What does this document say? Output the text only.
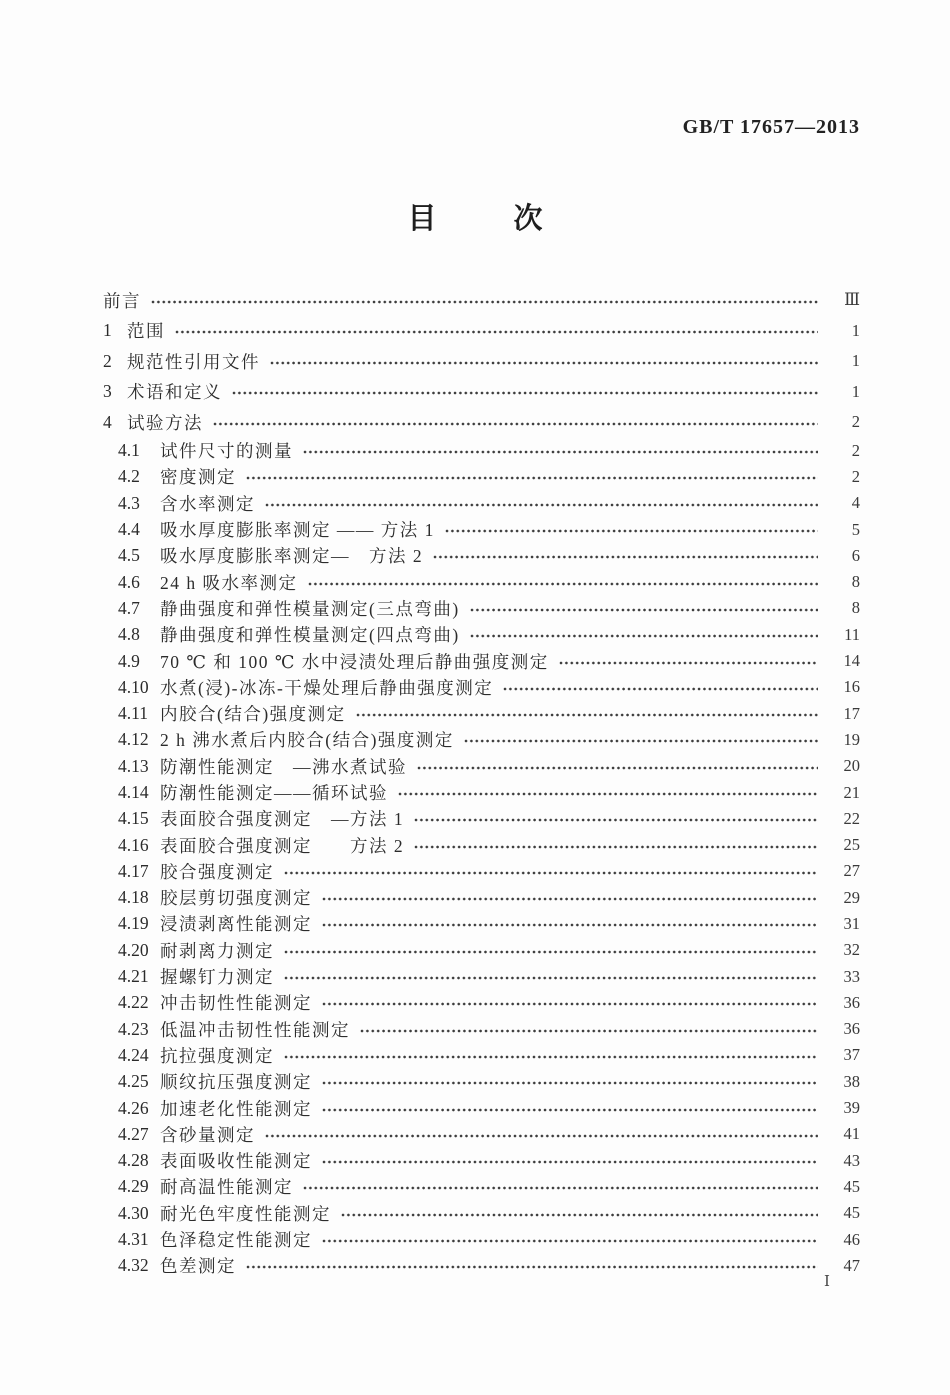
GB/T 17657—2013
目　次
前言	Ⅲ
1 范围	1
2 规范性引用文件	1
3 术语和定义	1
4 试验方法	2
4.1	试件尺寸的测量	2
4.2	密度测定	2
4.3	含水率测定	4
4.4	吸水厚度膨胀率测定 —— 方法 1	5
4.5	吸水厚度膨胀率测定—　方法 2	6
4.6	24 h 吸水率测定	8
4.7	静曲强度和弹性模量测定(三点弯曲)	8
4.8	静曲强度和弹性模量测定(四点弯曲)	11
4.9	70 ℃ 和 100 ℃ 水中浸渍处理后静曲强度测定	14
4.10 水煮(浸)-冰冻-干燥处理后静曲强度测定	16
4.11 内胶合(结合)强度测定	17
4.12 2 h 沸水煮后内胶合(结合)强度测定	19
4.13 防潮性能测定　—沸水煮试验	20
4.14 防潮性能测定——循环试验	21
4.15 表面胶合强度测定　—方法 1	22
4.16 表面胶合强度测定　　方法 2	25
4.17 胶合强度测定	27
4.18 胶层剪切强度测定	29
4.19 浸渍剥离性能测定	31
4.20 耐剥离力测定	32
4.21 握螺钉力测定	33
4.22 冲击韧性性能测定	36
4.23 低温冲击韧性性能测定	36
4.24 抗拉强度测定	37
4.25 顺纹抗压强度测定	38
4.26 加速老化性能测定	39
4.27 含砂量测定	41
4.28 表面吸收性能测定	43
4.29 耐高温性能测定	45
4.30 耐光色牢度性能测定	45
4.31 色泽稳定性能测定	46
4.32 色差测定	47
Ⅰ
